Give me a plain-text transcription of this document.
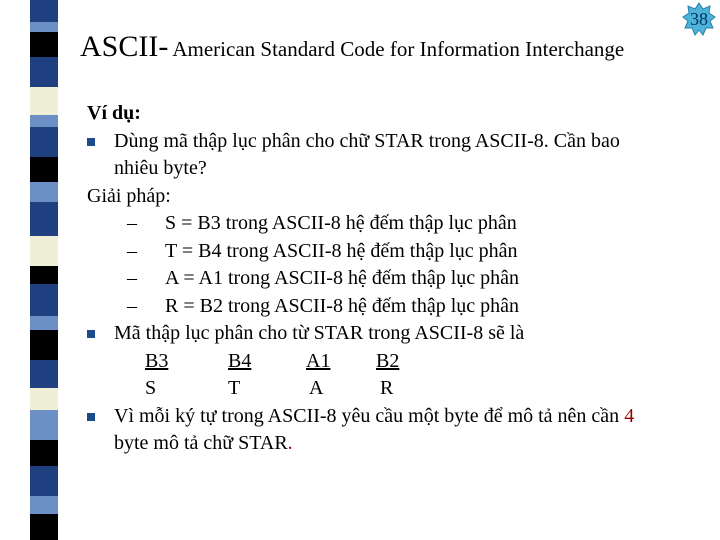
38
ASCII- American Standard Code for Information Interchange
Ví dụ:
Dùng mã thập lục phân cho chữ STAR trong ASCII-8. Cần bao
nhiêu byte?
Giải pháp:
– S = B3 trong ASCII-8 hệ đếm thập lục phân
– T = B4 trong ASCII-8 hệ đếm thập lục phân
– A = A1 trong ASCII-8 hệ đếm thập lục phân
– R = B2 trong ASCII-8 hệ đếm thập lục phân
Mã thập lục phân cho từ STAR trong ASCII-8 sẽ là
B3	B4	A1	B2
S	T	A	R
Vì mỗi ký tự trong ASCII-8 yêu cầu một byte để mô tả nên cần 4
byte mô tả chữ STAR.
